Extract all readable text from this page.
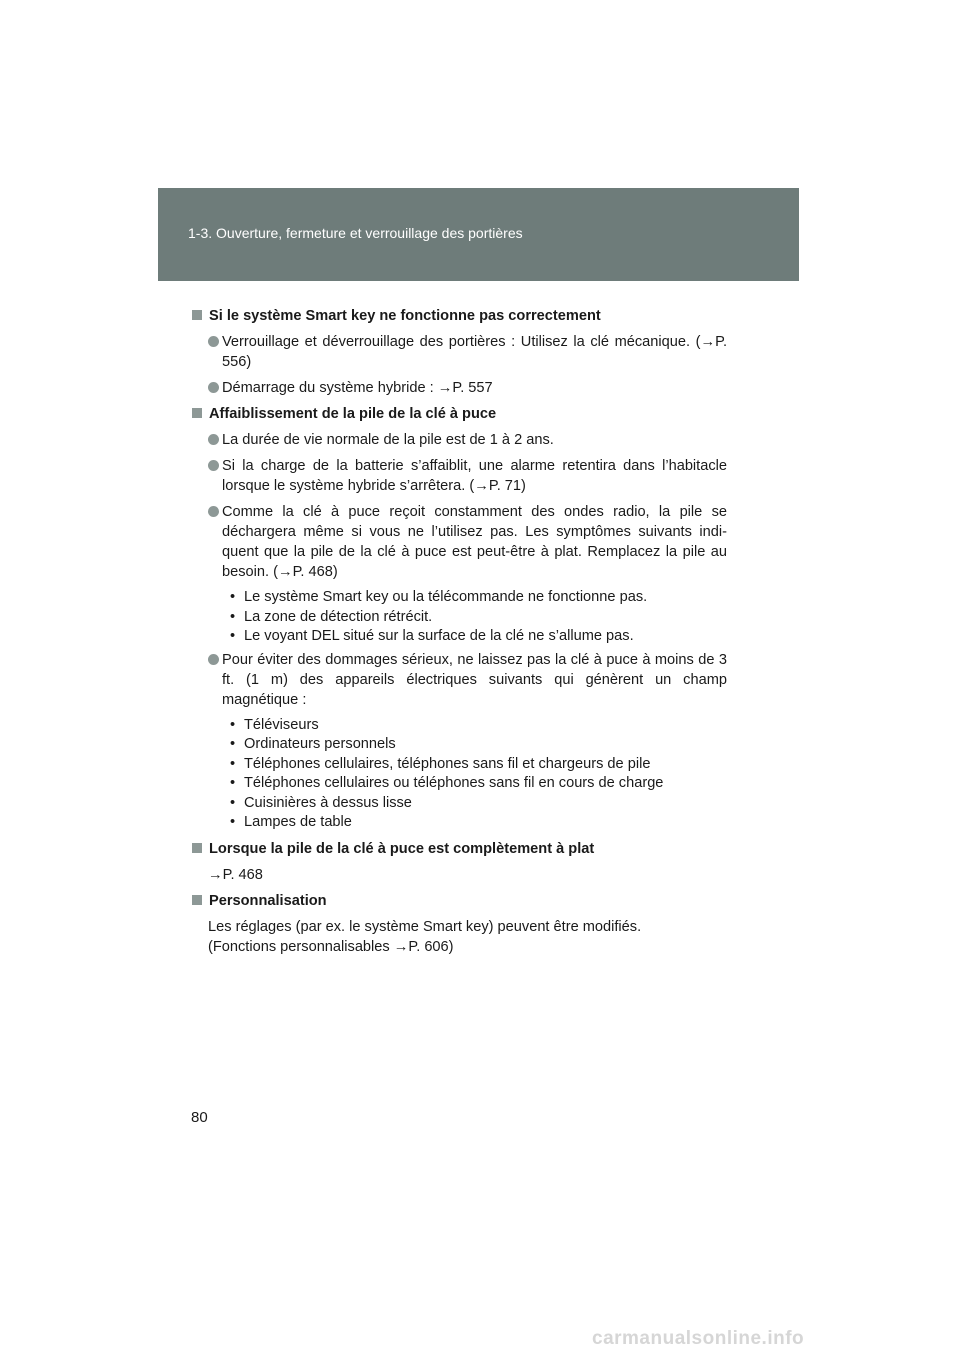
1-3. Ouverture, fermeture et verrouillage des portières

Si le système Smart key ne fonctionne pas correctement

Verrouillage et déverrouillage des portières : Utilisez la clé mécanique. (→P. 556)
Démarrage du système hybride : →P. 557

Affaiblissement de la pile de la clé à puce

La durée de vie normale de la pile est de 1 à 2 ans.
Si la charge de la batterie s’affaiblit, une alarme retentira dans l’habitacle lorsque le système hybride s’arrêtera. (→P. 71)
Comme la clé à puce reçoit constamment des ondes radio, la pile se déchargera même si vous ne l’utilisez pas. Les symptômes suivants indi-quent que la pile de la clé à puce est peut-être à plat. Remplacez la pile au besoin. (→P. 468)
• Le système Smart key ou la télécommande ne fonctionne pas.
• La zone de détection rétrécit.
• Le voyant DEL situé sur la surface de la clé ne s’allume pas.
Pour éviter des dommages sérieux, ne laissez pas la clé à puce à moins de 3 ft. (1 m) des appareils électriques suivants qui génèrent un champ magnétique :
• Téléviseurs
• Ordinateurs personnels
• Téléphones cellulaires, téléphones sans fil et chargeurs de pile
• Téléphones cellulaires ou téléphones sans fil en cours de charge
• Cuisinières à dessus lisse
• Lampes de table

Lorsque la pile de la clé à puce est complètement à plat

→P. 468

Personnalisation

Les réglages (par ex. le système Smart key) peuvent être modifiés.
(Fonctions personnalisables →P. 606)
80
carmanualsonline.info
